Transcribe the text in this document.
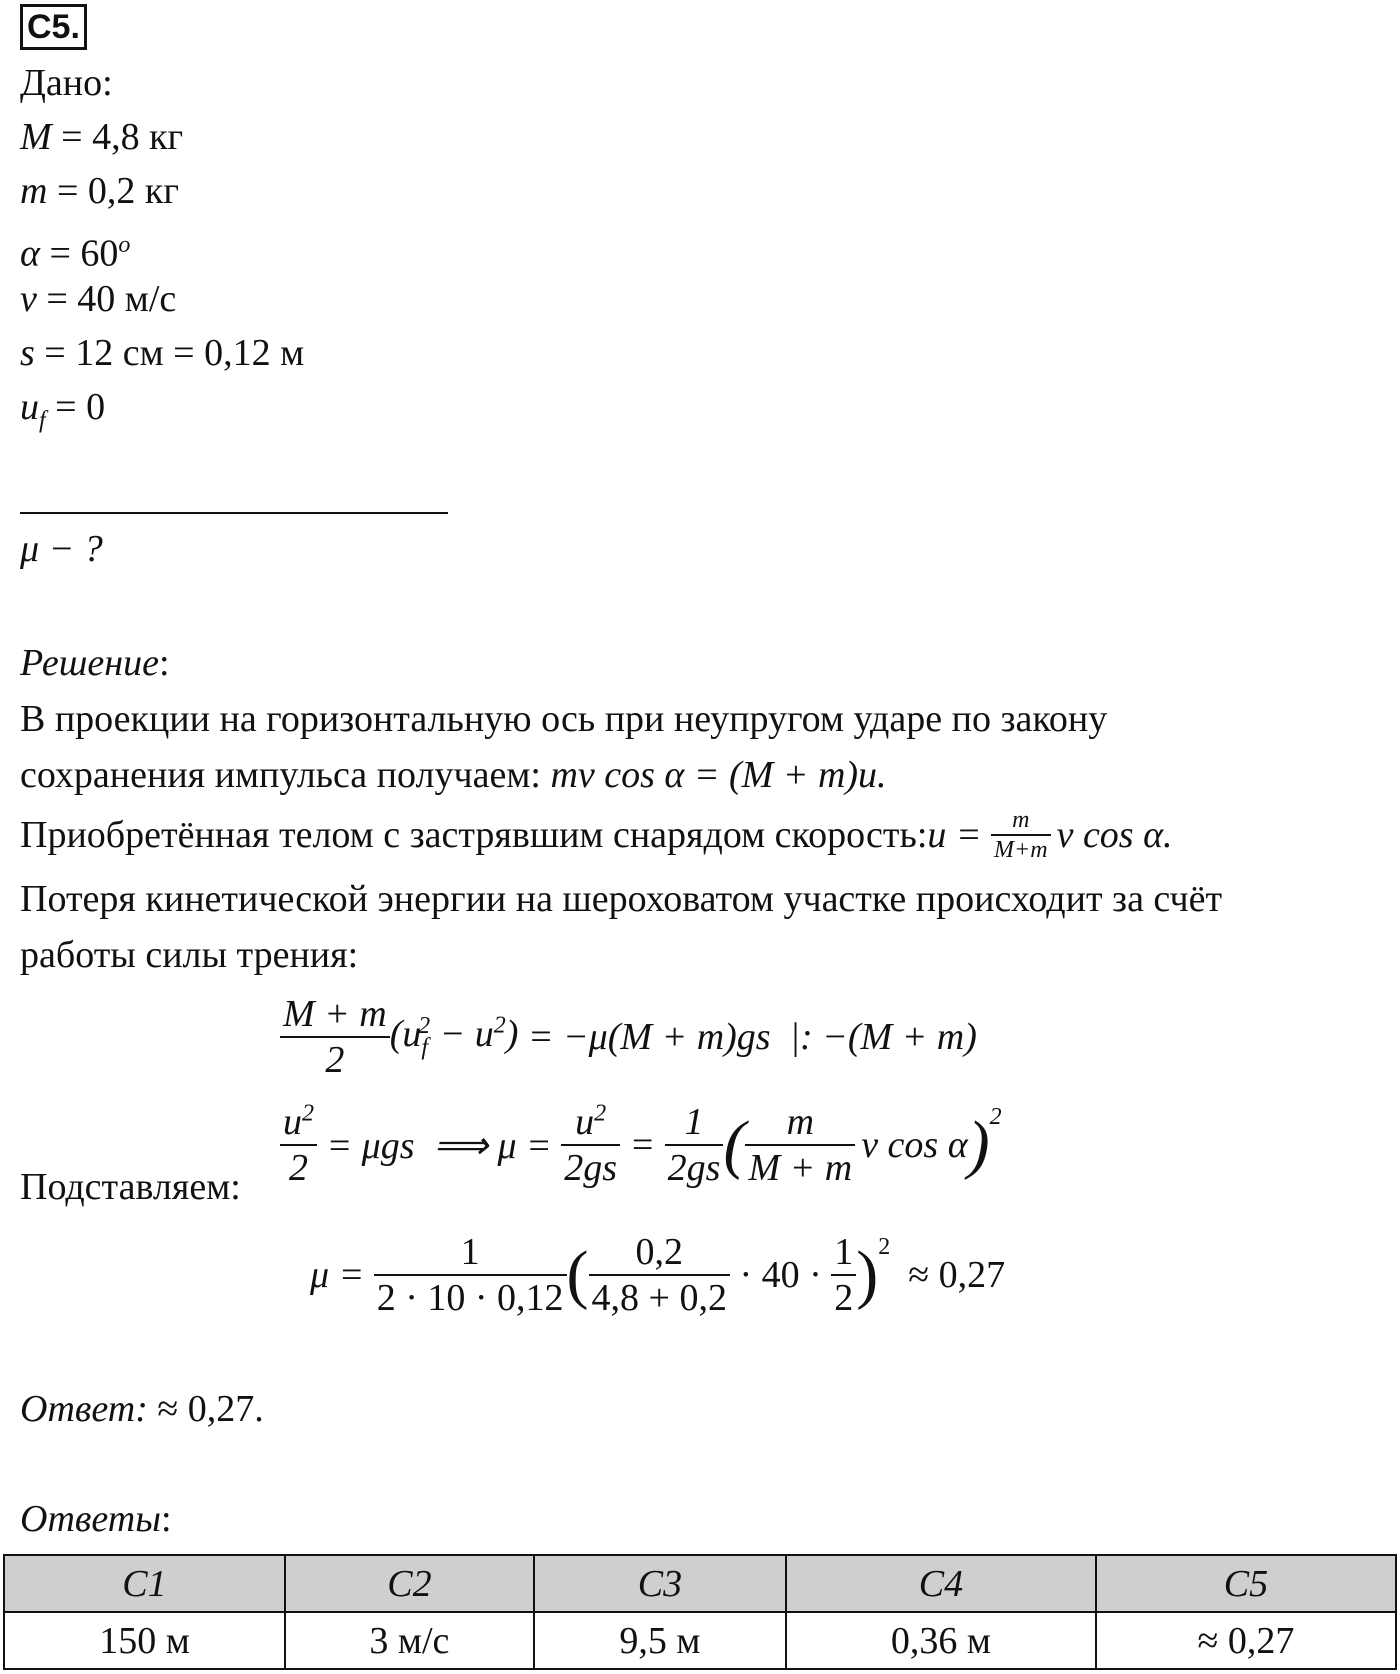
C5.
Дано:
M = 4,8 кг
m = 0,2 кг
$\alpha = 60^o$
v = 40 м/с
s = 12 см = 0,12 м
$u_f = 0$
μ − ?
Решение:
В проекции на горизонтальную ось при неупругом ударе по закону
сохранения импульса получаем: mv cos α = (M + m)u.
Приобретённая телом с застрявшим снарядом скорость: $u = \frac{m}{M+m}$ v cos α.
Потеря кинетической энергии на шероховатом участке происходит за счёт
работы силы трения:
$\frac{M + m}{2} (u_f^2 - u^2) = -\mu(M + m)gs$  |: −(M + m)
$\frac{u^2}{2} = \mu gs$  ⟹ $\mu = \frac{u^2}{2gs} = \frac{1}{2gs}$ ( $\frac{m}{M + m}$ v cos α )$^2$
Подставляем:
$\mu = \frac{1}{2 \cdot 10 \cdot 0,12}$ ( $\frac{0,2}{4,8 + 0,2} \cdot 40 \cdot \frac{1}{2} )^2$
≈ 0,27
Ответ: ≈ 0,27.
Ответы:
C1	C2	C3	C4	C5
150 м	3 м/с	9,5 м	0,36 м	≈ 0,27
